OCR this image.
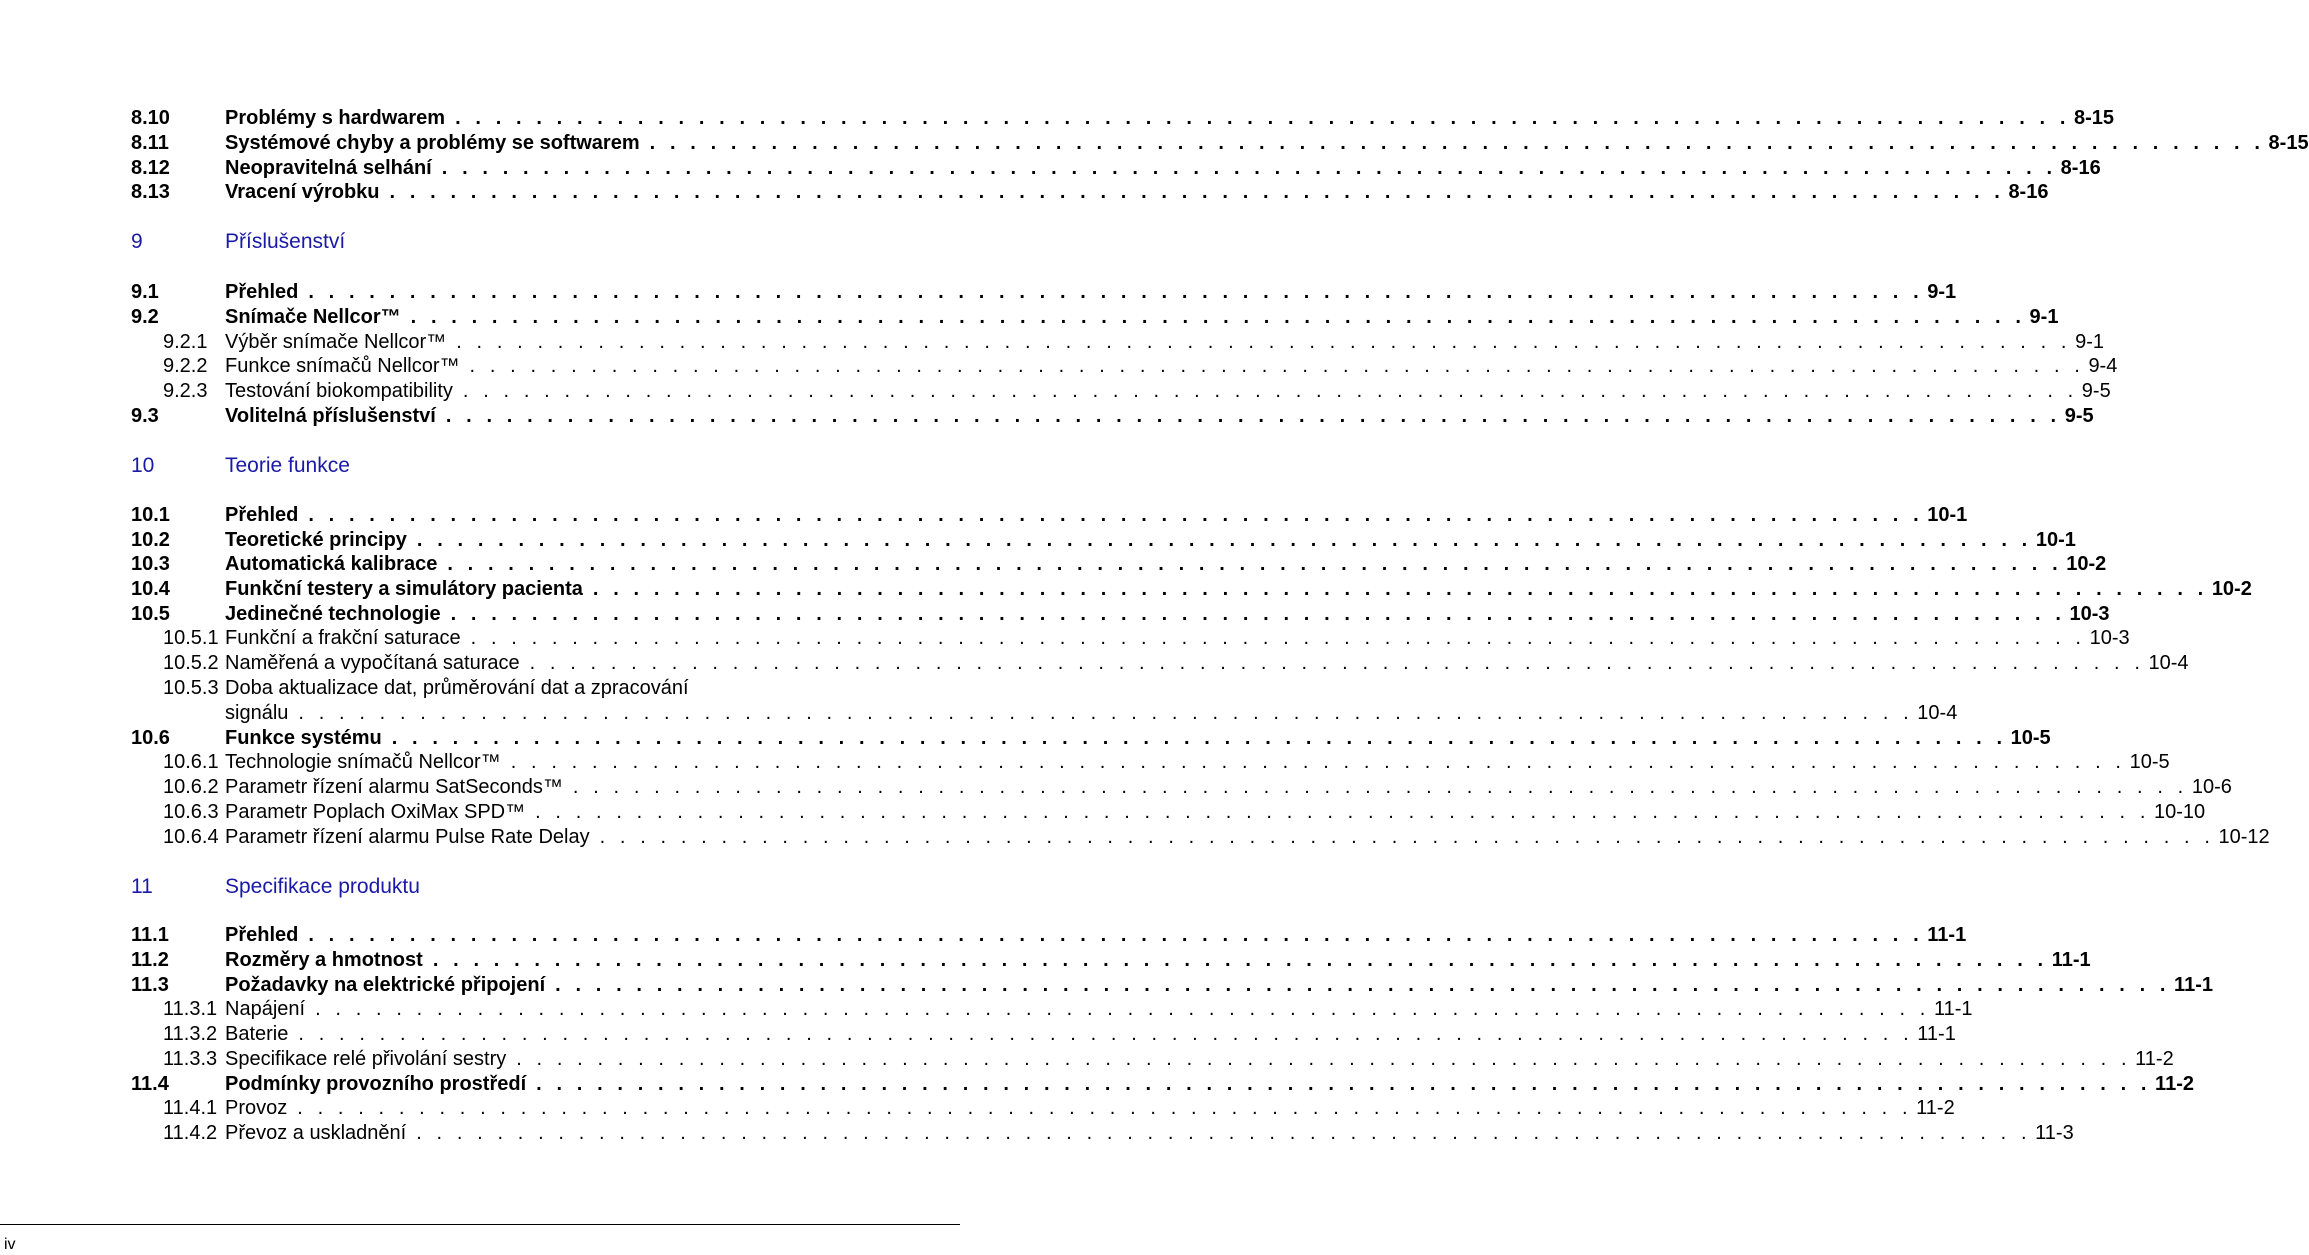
8.10	Problémy s hardwarem . . . . . . . . . . . . . . . . . . . . . . . . . . . . . . . . . . . . . . . . . . . . . . . . . . . . . . . . . . . . . . . . . . . . . . . . . . . . . . . . 8-15
8.11	Systémové chyby a problémy se softwarem . . . . . . . . . . . . . . . . . . . . . . . . . . . . . . . . . . . . . . . . . . . . . . . . . . . . . . . . . . . . . . . . . . . . . . . . . . . . . . . . 8-15
8.12	Neopravitelná selhání . . . . . . . . . . . . . . . . . . . . . . . . . . . . . . . . . . . . . . . . . . . . . . . . . . . . . . . . . . . . . . . . . . . . . . . . . . . . . . . . 8-16
8.13	Vracení výrobku . . . . . . . . . . . . . . . . . . . . . . . . . . . . . . . . . . . . . . . . . . . . . . . . . . . . . . . . . . . . . . . . . . . . . . . . . . . . . . . . 8-16
9	Příslušenství
9.1	Přehled . . . . . . . . . . . . . . . . . . . . . . . . . . . . . . . . . . . . . . . . . . . . . . . . . . . . . . . . . . . . . . . . . . . . . . . . . . . . . . . . 9-1
9.2	Snímače Nellcor™ . . . . . . . . . . . . . . . . . . . . . . . . . . . . . . . . . . . . . . . . . . . . . . . . . . . . . . . . . . . . . . . . . . . . . . . . . . . . . . . . 9-1
9.2.1 Výběr snímače Nellcor™ . . . . . . . . . . . . . . . . . . . . . . . . . . . . . . . . . . . . . . . . . . . . . . . . . . . . . . . . . . . . . . . . . . . . . . . . . . . . . . . . 9-1
9.2.2 Funkce snímačů Nellcor™ . . . . . . . . . . . . . . . . . . . . . . . . . . . . . . . . . . . . . . . . . . . . . . . . . . . . . . . . . . . . . . . . . . . . . . . . . . . . . . . . 9-4
9.2.3 Testování biokompatibility . . . . . . . . . . . . . . . . . . . . . . . . . . . . . . . . . . . . . . . . . . . . . . . . . . . . . . . . . . . . . . . . . . . . . . . . . . . . . . . . 9-5
9.3	Volitelná příslušenství . . . . . . . . . . . . . . . . . . . . . . . . . . . . . . . . . . . . . . . . . . . . . . . . . . . . . . . . . . . . . . . . . . . . . . . . . . . . . . . . 9-5
10	Teorie funkce
10.1	Přehled . . . . . . . . . . . . . . . . . . . . . . . . . . . . . . . . . . . . . . . . . . . . . . . . . . . . . . . . . . . . . . . . . . . . . . . . . . . . . . . . 10-1
10.2	Teoretické principy . . . . . . . . . . . . . . . . . . . . . . . . . . . . . . . . . . . . . . . . . . . . . . . . . . . . . . . . . . . . . . . . . . . . . . . . . . . . . . . . 10-1
10.3	Automatická kalibrace . . . . . . . . . . . . . . . . . . . . . . . . . . . . . . . . . . . . . . . . . . . . . . . . . . . . . . . . . . . . . . . . . . . . . . . . . . . . . . . . 10-2
10.4	Funkční testery a simulátory pacienta . . . . . . . . . . . . . . . . . . . . . . . . . . . . . . . . . . . . . . . . . . . . . . . . . . . . . . . . . . . . . . . . . . . . . . . . . . . . . . . . 10-2
10.5	Jedinečné technologie . . . . . . . . . . . . . . . . . . . . . . . . . . . . . . . . . . . . . . . . . . . . . . . . . . . . . . . . . . . . . . . . . . . . . . . . . . . . . . . . 10-3
10.5.1 Funkční a frakční saturace . . . . . . . . . . . . . . . . . . . . . . . . . . . . . . . . . . . . . . . . . . . . . . . . . . . . . . . . . . . . . . . . . . . . . . . . . . . . . . . . 10-3
10.5.2 Naměřená a vypočítaná saturace . . . . . . . . . . . . . . . . . . . . . . . . . . . . . . . . . . . . . . . . . . . . . . . . . . . . . . . . . . . . . . . . . . . . . . . . . . . . . . . . 10-4
10.5.3 Doba aktualizace dat, průměrování dat a zpracování
signálu . . . . . . . . . . . . . . . . . . . . . . . . . . . . . . . . . . . . . . . . . . . . . . . . . . . . . . . . . . . . . . . . . . . . . . . . . . . . . . . . 10-4
10.6	Funkce systému . . . . . . . . . . . . . . . . . . . . . . . . . . . . . . . . . . . . . . . . . . . . . . . . . . . . . . . . . . . . . . . . . . . . . . . . . . . . . . . . 10-5
10.6.1 Technologie snímačů Nellcor™ . . . . . . . . . . . . . . . . . . . . . . . . . . . . . . . . . . . . . . . . . . . . . . . . . . . . . . . . . . . . . . . . . . . . . . . . . . . . . . . . 10-5
10.6.2 Parametr řízení alarmu SatSeconds™ . . . . . . . . . . . . . . . . . . . . . . . . . . . . . . . . . . . . . . . . . . . . . . . . . . . . . . . . . . . . . . . . . . . . . . . . . . . . . . . . 10-6
10.6.3 Parametr Poplach OxiMax SPD™ . . . . . . . . . . . . . . . . . . . . . . . . . . . . . . . . . . . . . . . . . . . . . . . . . . . . . . . . . . . . . . . . . . . . . . . . . . . . . . . . 10-10
10.6.4 Parametr řízení alarmu Pulse Rate Delay . . . . . . . . . . . . . . . . . . . . . . . . . . . . . . . . . . . . . . . . . . . . . . . . . . . . . . . . . . . . . . . . . . . . . . . . . . . . . . . . 10-12
11	Specifikace produktu
11.1	Přehled . . . . . . . . . . . . . . . . . . . . . . . . . . . . . . . . . . . . . . . . . . . . . . . . . . . . . . . . . . . . . . . . . . . . . . . . . . . . . . . . 11-1
11.2	Rozměry a hmotnost . . . . . . . . . . . . . . . . . . . . . . . . . . . . . . . . . . . . . . . . . . . . . . . . . . . . . . . . . . . . . . . . . . . . . . . . . . . . . . . . 11-1
11.3	Požadavky na elektrické připojení . . . . . . . . . . . . . . . . . . . . . . . . . . . . . . . . . . . . . . . . . . . . . . . . . . . . . . . . . . . . . . . . . . . . . . . . . . . . . . . . 11-1
11.3.1 Napájení . . . . . . . . . . . . . . . . . . . . . . . . . . . . . . . . . . . . . . . . . . . . . . . . . . . . . . . . . . . . . . . . . . . . . . . . . . . . . . . . 11-1
11.3.2 Baterie . . . . . . . . . . . . . . . . . . . . . . . . . . . . . . . . . . . . . . . . . . . . . . . . . . . . . . . . . . . . . . . . . . . . . . . . . . . . . . . . 11-1
11.3.3 Specifikace relé přivolání sestry . . . . . . . . . . . . . . . . . . . . . . . . . . . . . . . . . . . . . . . . . . . . . . . . . . . . . . . . . . . . . . . . . . . . . . . . . . . . . . . . 11-2
11.4	Podmínky provozního prostředí . . . . . . . . . . . . . . . . . . . . . . . . . . . . . . . . . . . . . . . . . . . . . . . . . . . . . . . . . . . . . . . . . . . . . . . . . . . . . . . . 11-2
11.4.1 Provoz . . . . . . . . . . . . . . . . . . . . . . . . . . . . . . . . . . . . . . . . . . . . . . . . . . . . . . . . . . . . . . . . . . . . . . . . . . . . . . . . 11-2
11.4.2 Převoz a uskladnění . . . . . . . . . . . . . . . . . . . . . . . . . . . . . . . . . . . . . . . . . . . . . . . . . . . . . . . . . . . . . . . . . . . . . . . . . . . . . . . . 11-3
iv
